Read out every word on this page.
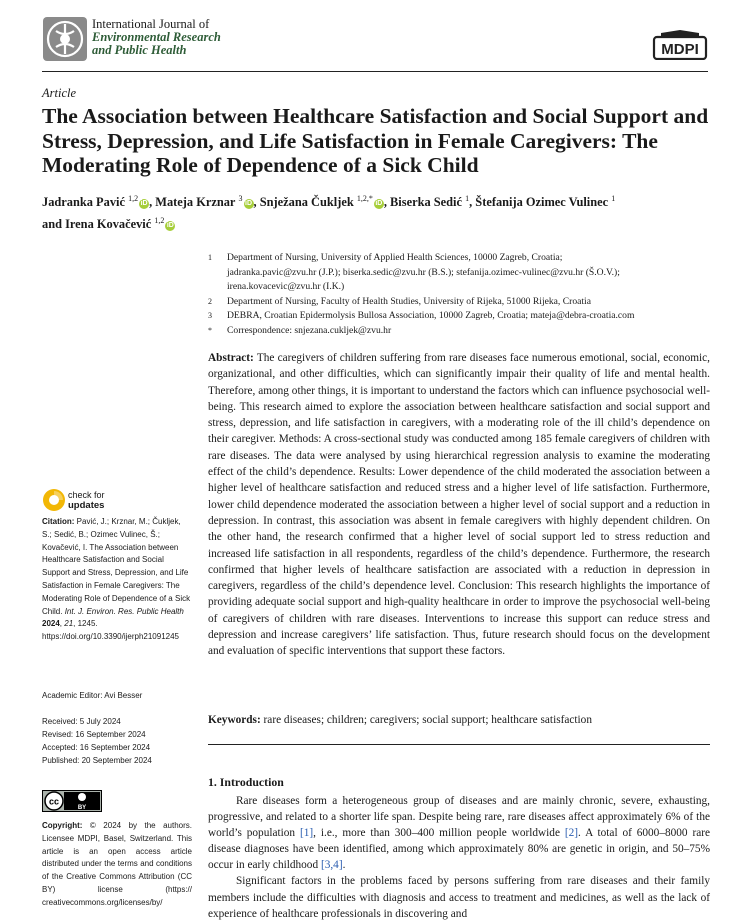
International Journal of
Environmental Research
and Public Health	MDPI
Article
The Association between Healthcare Satisfaction and Social Support and Stress, Depression, and Life Satisfaction in Female Caregivers: The Moderating Role of Dependence of a Sick Child
Jadranka Pavić $^{1,2}$iD , Mateja Krznar $^3$iD , Snježana Čukljek $^{1,2,*}$iD , Biserka Sedić $^1$, Štefanija Ozimec Vulinec $^1$
and Irena Kovačević $^{1,2}$iD
1 Department of Nursing, University of Applied Health Sciences, 10000 Zagreb, Croatia;
jadranka.pavic@zvu.hr (J.P.); biserka.sedic@zvu.hr (B.S.); stefanija.ozimec-vulinec@zvu.hr (Š.O.V.);
irena.kovacevic@zvu.hr (I.K.)
2 Department of Nursing, Faculty of Health Studies, University of Rijeka, 51000 Rijeka, Croatia
3 DEBRA, Croatian Epidermolysis Bullosa Association, 10000 Zagreb, Croatia; mateja@debra-croatia.com
* Correspondence: snjezana.cukljek@zvu.hr

Abstract: The caregivers of children suffering from rare diseases face numerous emotional, social, economic, organizational, and other difficulties, which can significantly impair their quality of life and mental health. Therefore, among other things, it is important to understand the factors which can influence psychosocial well-being. This research aimed to explore the association between healthcare satisfaction and social support and stress, depression, and life satisfaction in caregivers, with a moderating role of the ill child’s dependence on their caregiver. Methods: A cross-sectional study was conducted among 185 female caregivers of children with rare diseases. The data were analysed by using hierarchical regression analysis to examine the moderating effect of the child’s dependence. Results: Lower dependence of the child moderated the association between a higher level of healthcare satisfaction and reduced stress and a higher level of life satisfaction. Furthermore, lower child dependence moderated the association between a higher level of social support and a reduction in depression. In contrast, this association was absent in female caregivers with highly dependent children. On the other hand, the research confirmed that a higher level of social support led to stress reduction and increased life satisfaction in all respondents, regardless of the child’s dependence. Furthermore, the research confirmed that higher levels of healthcare satisfaction are associated with a reduction in depression in caregivers, regardless of the child’s dependence level. Conclusion: This research highlights the importance of providing adequate social support and high-quality healthcare in order to improve the psychosocial well-being of caregivers of children with rare diseases. Interventions to increase this support can reduce stress and depression and increase caregivers’ life satisfaction. Thus, future research should focus on the development and evaluation of specific interventions that support these factors.

Keywords: rare diseases; children; caregivers; social support; healthcare satisfaction
1. Introduction

Rare diseases form a heterogeneous group of diseases and are mainly chronic, severe, exhausting, progressive, and related to a shorter life span. Despite being rare, rare diseases affect approximately 6% of the world’s population [1], i.e., more than 300–400 million people worldwide [2]. A total of 6000–8000 rare disease diagnoses have been identified, among which approximately 80% are genetic in origin, and 50–75% occur in early childhood [3,4].

Significant factors in the problems faced by persons suffering from rare diseases and their family members include the difficulties with diagnosis and access to treatment and medicines, as well as the lack of experience of healthcare professionals in discovering and

check for
updates
Citation: Pavić, J.; Krznar, M.; Čukljek, S.; Sedić, B.; Ozimec Vulinec, Š.; Kovačević, I. The Association between Healthcare Satisfaction and Social Support and Stress, Depression, and Life Satisfaction in Female Caregivers: The Moderating Role of Dependence of a Sick Child. Int. J. Environ. Res. Public Health 2024, 21, 1245. https://doi.org/10.3390/ijerph21091245
Academic Editor: Avi Besser
Received: 5 July 2024
Revised: 16 September 2024
Accepted: 16 September 2024
Published: 20 September 2024
cc
BY
Copyright: © 2024 by the authors. Licensee MDPI, Basel, Switzerland. This article is an open access article distributed under the terms and conditions of the Creative Commons Attribution (CC BY) license (https:// creativecommons.org/licenses/by/
